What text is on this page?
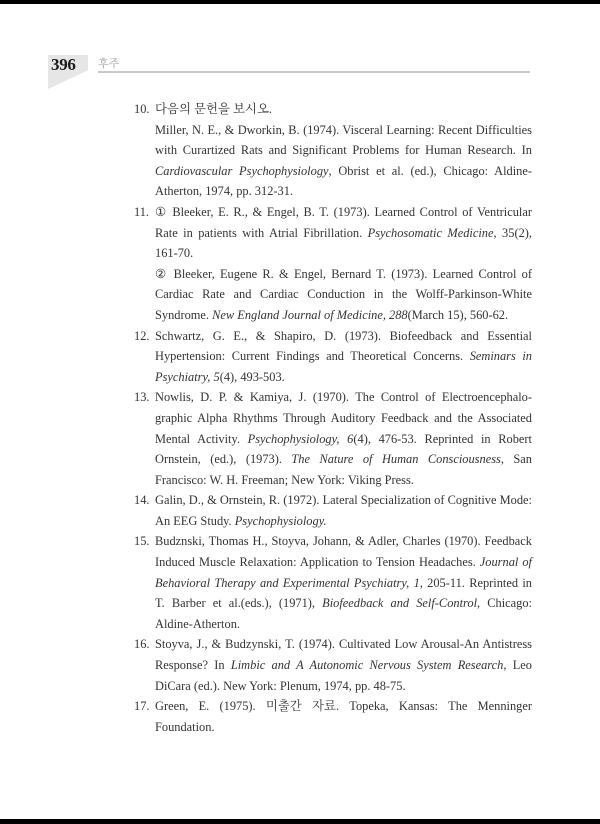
396 후주
10. 다음의 문헌을 보시오.

Miller, N. E., & Dworkin, B. (1974). Visceral Learning: Recent Difficulties with Curartized Rats and Significant Problems for Human Research. In Cardiovascular Psychophysiology, Obrist et al. (ed.), Chicago: Aldine-Atherton, 1974, pp. 312-31.

11. ① Bleeker, E. R., & Engel, B. T. (1973). Learned Control of Ventricular Rate in patients with Atrial Fibrillation. Psychosomatic Medicine, 35(2), 161-70.

② Bleeker, Eugene R. & Engel, Bernard T. (1973). Learned Control of Cardiac Rate and Cardiac Conduction in the Wolff-Parkinson-White Syndrome. New England Journal of Medicine, 288(March 15), 560-62.

12. Schwartz, G. E., & Shapiro, D. (1973). Biofeedback and Essential Hypertension: Current Findings and Theoretical Concerns. Seminars in Psychiatry, 5(4), 493-503.

13. Nowlis, D. P. & Kamiya, J. (1970). The Control of Electroencephalo-graphic Alpha Rhythms Through Auditory Feedback and the Associated Mental Activity. Psychophysiology, 6(4), 476-53. Reprinted in Robert Ornstein, (ed.), (1973). The Nature of Human Consciousness, San Francisco: W. H. Freeman; New York: Viking Press.

14. Galin, D., & Ornstein, R. (1972). Lateral Specialization of Cognitive Mode: An EEG Study. Psychophysiology.

15. Budznski, Thomas H., Stoyva, Johann, & Adler, Charles (1970). Feedback Induced Muscle Relaxation: Application to Tension Headaches. Journal of Behavioral Therapy and Experimental Psychiatry, 1, 205-11. Reprinted in T. Barber et al.(eds.), (1971), Biofeedback and Self-Control, Chicago: Aldine-Atherton.

16. Stoyva, J., & Budzynski, T. (1974). Cultivated Low Arousal-An Antistress Response? In Limbic and A Autonomic Nervous System Research, Leo DiCara (ed.). New York: Plenum, 1974, pp. 48-75.

17. Green, E. (1975). 미출간 자료. Topeka, Kansas: The Menninger Foundation.
